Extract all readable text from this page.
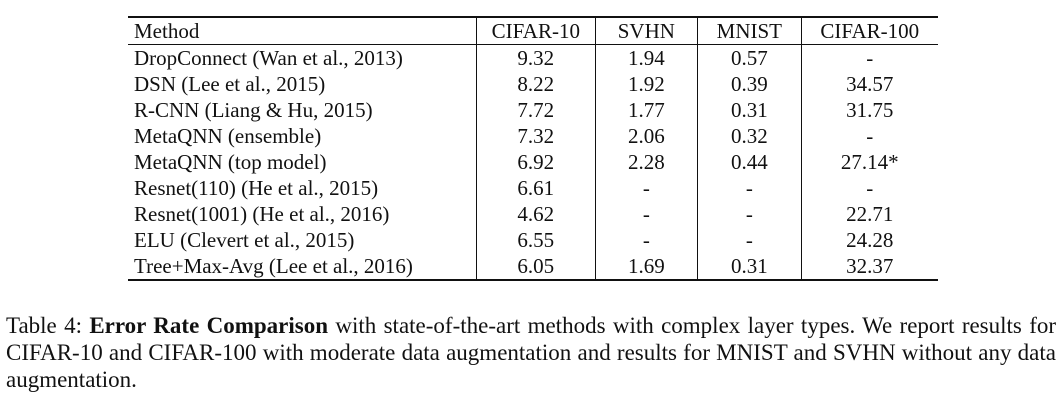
Method	CIFAR-10	SVHN	MNIST	CIFAR-100
DropConnect (Wan et al., 2013)	9.32	1.94	0.57	-
DSN (Lee et al., 2015)	8.22	1.92	0.39	34.57
R-CNN (Liang & Hu, 2015)	7.72	1.77	0.31	31.75
MetaQNN (ensemble)	7.32	2.06	0.32	-
MetaQNN (top model)	6.92	2.28	0.44	27.14*
Resnet(110) (He et al., 2015)	6.61	-	-	-
Resnet(1001) (He et al., 2016)	4.62	-	-	22.71
ELU (Clevert et al., 2015)	6.55	-	-	24.28
Tree+Max-Avg (Lee et al., 2016)	6.05	1.69	0.31	32.37

Table 4: Error Rate Comparison with state-of-the-art methods with complex layer types. We report results for CIFAR-10 and CIFAR-100 with moderate data augmentation and results for MNIST and SVHN without any data augmentation.
